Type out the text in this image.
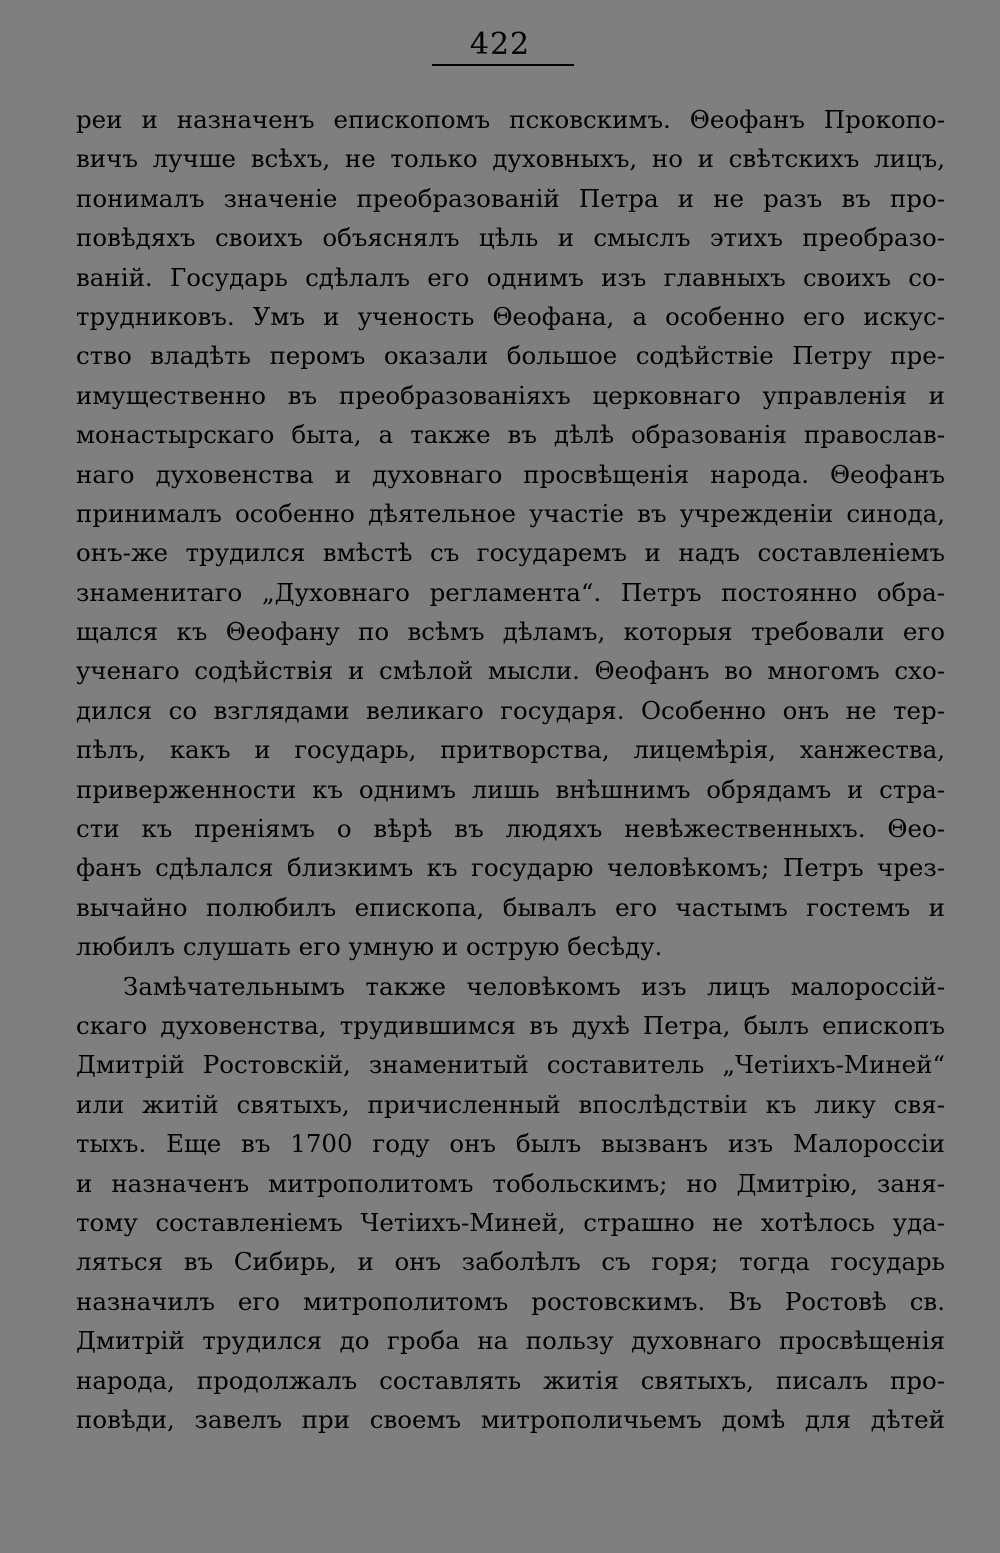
422
реи и назначенъ епископомъ псковскимъ. Θеофанъ Прокопо-
вичъ лучше всѣхъ, не только духовныхъ, но и свѣтскихъ лицъ,
понималъ значеніе преобразованій Петра и не разъ въ про-
повѣдяхъ своихъ объяснялъ цѣль и смыслъ этихъ преобразо-
ваній. Государь сдѣлалъ его однимъ изъ главныхъ своихъ со-
трудниковъ. Умъ и ученость Θеофана, а особенно его искус-
ство владѣть перомъ оказали большое содѣйствіе Петру пре-
имущественно въ преобразованіяхъ церковнаго управленія и
монастырскаго быта, а также въ дѣлѣ образованія православ-
наго духовенства и духовнаго просвѣщенія народа. Θеофанъ
принималъ особенно дѣятельное участіе въ учрежденіи синода,
онъ-же трудился вмѣстѣ съ государемъ и надъ составленіемъ
знаменитаго „Духовнаго регламента“. Петръ постоянно обра-
щался къ Θеофану по всѣмъ дѣламъ, которыя требовали его
ученаго содѣйствія и смѣлой мысли. Θеофанъ во многомъ схо-
дился со взглядами великаго государя. Особенно онъ не тер-
пѣлъ, какъ и государь, притворства, лицемѣрія, ханжества,
приверженности къ однимъ лишь внѣшнимъ обрядамъ и стра-
сти къ преніямъ о вѣрѣ въ людяхъ невѣжественныхъ. Θео-
фанъ сдѣлался близкимъ къ государю человѣкомъ; Петръ чрез-
вычайно полюбилъ епископа, бывалъ его частымъ гостемъ и
любилъ слушать его умную и острую бесѣду.
Замѣчательнымъ также человѣкомъ изъ лицъ малороссій-
скаго духовенства, трудившимся въ духѣ Петра, былъ епископъ
Дмитрій Ростовскій, знаменитый составитель „Четіихъ-Миней“
или житій святыхъ, причисленный впослѣдствіи къ лику свя-
тыхъ. Еще въ 1700 году онъ былъ вызванъ изъ Малороссіи
и назначенъ митрополитомъ тобольскимъ; но Дмитрію, заня-
тому составленіемъ Четіихъ-Миней, страшно не хотѣлось уда-
ляться въ Сибирь, и онъ заболѣлъ съ горя; тогда государь
назначилъ его митрополитомъ ростовскимъ. Въ Ростовѣ св.
Дмитрій трудился до гроба на пользу духовнаго просвѣщенія
народа, продолжалъ составлять житія святыхъ, писалъ про-
повѣди, завелъ при своемъ митрополичьемъ домѣ для дѣтей
